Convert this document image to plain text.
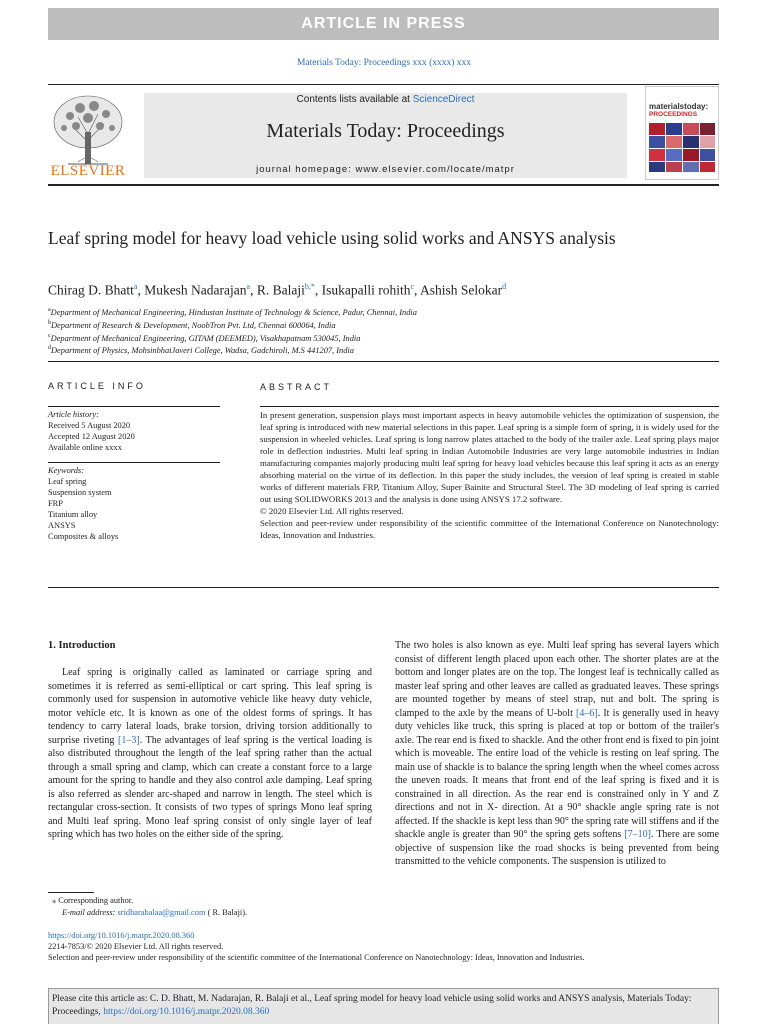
ARTICLE IN PRESS
Materials Today: Proceedings xxx (xxxx) xxx
ELSEVIER
Contents lists available at ScienceDirect
Materials Today: Proceedings
journal homepage: www.elsevier.com/locate/matpr
materialstoday:
PROCEEDINGS
Leaf spring model for heavy load vehicle using solid works and ANSYS analysis
Chirag D. Bhatt$^a$, Mukesh Nadarajan$^a$, R. Balaji$^{b,*}$, Isukapalli rohith$^c$, Ashish Selokar$^d$
$^a$Department of Mechanical Engineering, Hindustan Institute of Technology & Science, Padur, Chennai, India
$^b$Department of Research & Development, NoobTron Pvt. Ltd, Chennai 600064, India
$^c$Department of Mechanical Engineering, GITAM (DEEMED), Visakhapatnam 530045, India
$^d$Department of Physics, MohsinbhaiJaveri College, Wadsa, Gadchiroli, M.S 441207, India
ARTICLE INFO	ABSTRACT
Article history:
Received 5 August 2020
Accepted 12 August 2020
Available online xxxx
Keywords:
Leaf spring
Suspension system
FRP
Titanium alloy
ANSYS
Composites & alloys
In present generation, suspension plays most important aspects in heavy automobile vehicles the optimization of suspension, the leaf spring is introduced with new material selections in this paper. Leaf spring is a simple form of spring, it is widely used for the suspension in wheeled vehicles. Leaf spring is long narrow plates attached to the body of the trailer axle. Leaf spring plays major role in deflection industries. Multi leaf spring in Indian Automobile Industries are very large automobile industries in Indian manufacturing companies majorly producing multi leaf spring for heavy load vehicles because this leaf spring it acts as an energy absorbing material on the virtue of its deflection. In this paper the study includes, the version of leaf spring is created in stable works of different materials FRP, Titanium Alloy, Super Bainite and Structural Steel. The 3D modeling of leaf spring is carried out using SOLIDWORKS 2013 and the analysis is done using ANSYS 17.2 software.
© 2020 Elsevier Ltd. All rights reserved.
Selection and peer-review under responsibility of the scientific committee of the International Conference on Nanotechnology: Ideas, Innovation and Industries.
1. Introduction

Leaf spring is originally called as laminated or carriage spring and sometimes it is referred as semi-elliptical or cart spring. This leaf spring is commonly used for suspension in automotive vehicle like heavy duty vehicle, motor vehicle etc. It is known as one of the oldest forms of springs. It has tendency to carry lateral loads, brake torsion, driving torsion additionally to surprise riveting [1–3]. The advantages of leaf spring is the vertical loading is also distributed throughout the length of the leaf spring rather than the actual through a small spring and clamp, which can create a constant force to a large amount for the spring to handle and they also control axle damping. Leaf spring is also referred as slender arc-shaped and narrow in length. The steel which is rectangular cross-section. It consists of two types of springs Mono leaf spring and Multi leaf spring. Mono leaf spring consist of only single layer of leaf spring which has two holes on the either side of the spring.

The two holes is also known as eye. Multi leaf spring has several layers which consist of different length placed upon each other. The shorter plates are at the bottom and longer plates are on the top. The longest leaf is technically called as master leaf spring and other leaves are called as graduated leaves. These springs are mounted together by means of steel strap, nut and bolt. The spring is clamped to the axle by the means of U-bolt [4–6]. It is generally used in heavy duty vehicles like truck, this spring is placed at top or bottom of the trailer's axle. The rear end is fixed to shackle. And the other front end is fixed to pin joint which is moveable. The entire load of the vehicle is resting on leaf spring. The main use of shackle is to balance the spring length when the wheel comes across the uneven roads. It means that front end of the leaf spring is fixed and it is constrained in all direction. As the rear end is constrained only in Y and Z directions and not in X- direction. At a 90° shackle angle spring rate is not affected. If the shackle is kept less than 90° the spring rate will stiffens and if the shackle angle is greater than 90° the spring gets softens [7–10]. There are some objective of suspension like the road shocks is being prevented from being transmitted to the vehicle components. The suspension is utilized to

⁎ Corresponding author.
E-mail address: sridharabalaa@gmail.com ( R. Balaji).
https://doi.org/10.1016/j.matpr.2020.08.360
2214-7853/© 2020 Elsevier Ltd. All rights reserved.
Selection and peer-review under responsibility of the scientific committee of the International Conference on Nanotechnology: Ideas, Innovation and Industries.
Please cite this article as: C. D. Bhatt, M. Nadarajan, R. Balaji et al., Leaf spring model for heavy load vehicle using solid works and ANSYS analysis, Materials Today: Proceedings, https://doi.org/10.1016/j.matpr.2020.08.360
